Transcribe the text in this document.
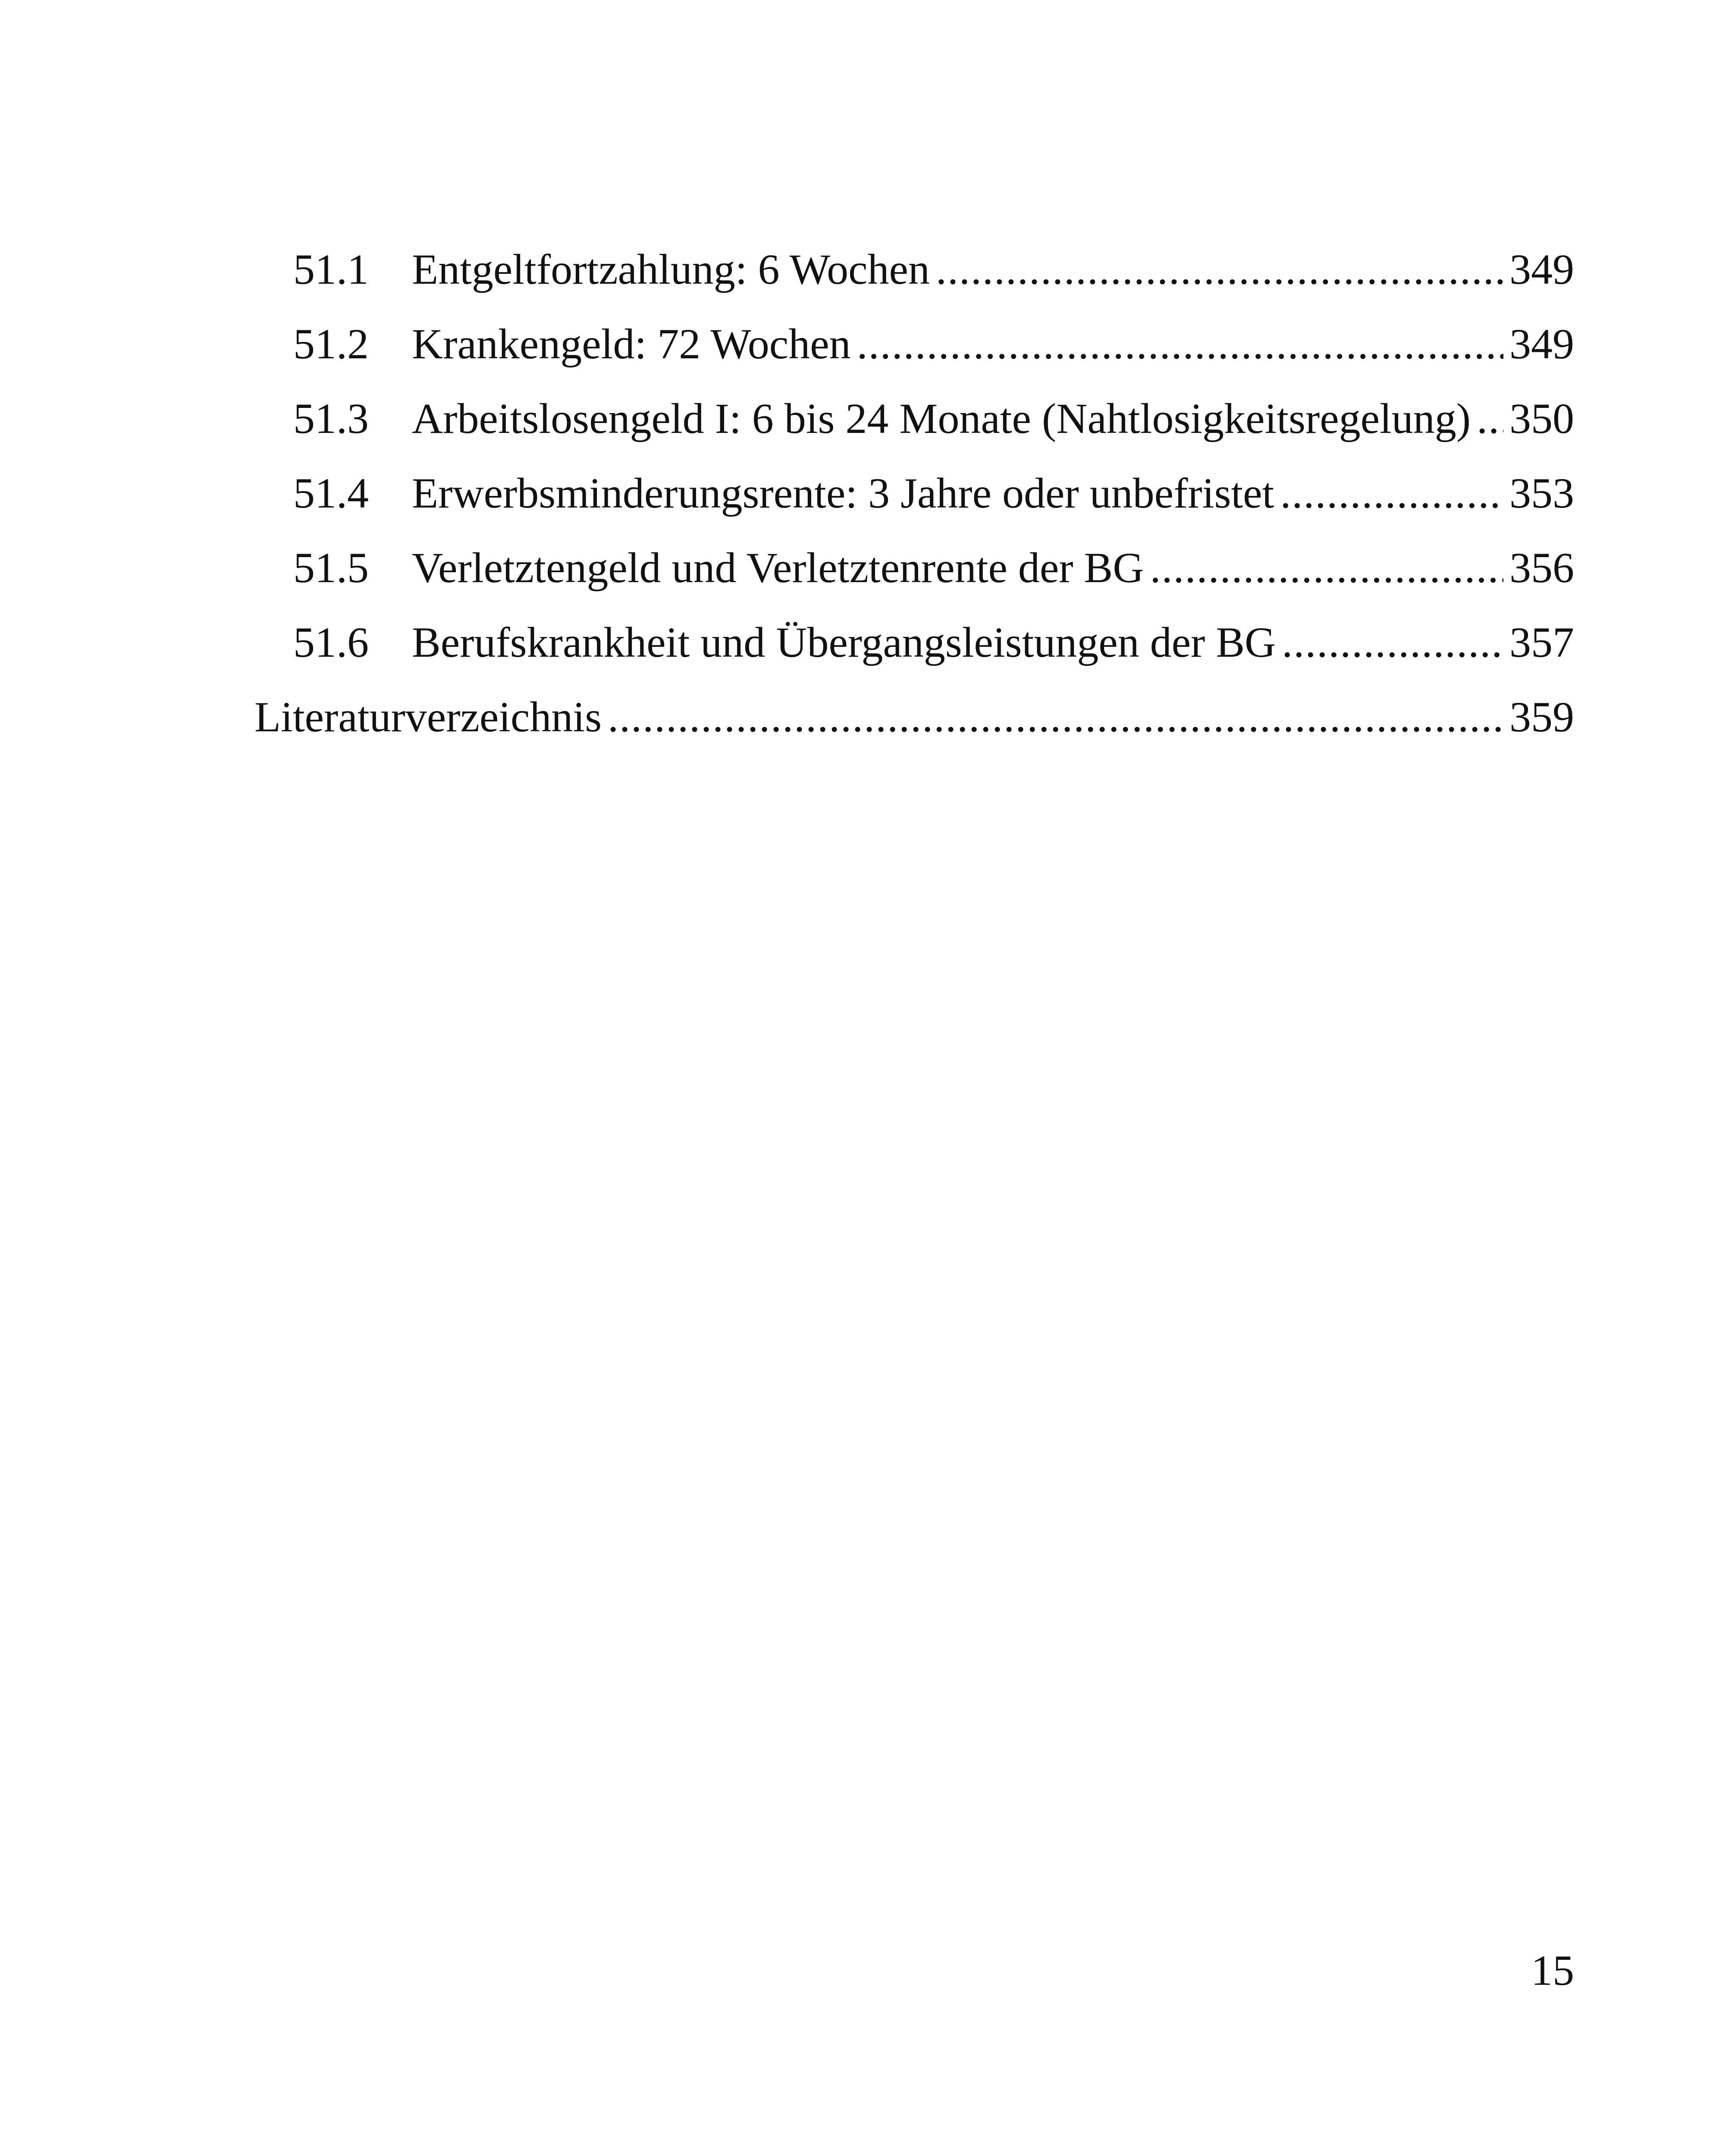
51.1	Entgeltfortzahlung: 6 Wochen .....	349
51.2	Krankengeld: 72 Wochen .....	349
51.3	Arbeitslosengeld I: 6 bis 24 Monate (Nahtlosigkeitsregelung) ..... 350
51.4	Erwerbsminderungsrente: 3 Jahre oder unbefristet .....	353
51.5	Verletztengeld und Verletztenrente der BG .....	356
51.6	Berufskrankheit und Übergangsleistungen der BG .....	357
Literaturverzeichnis .....	359
15
